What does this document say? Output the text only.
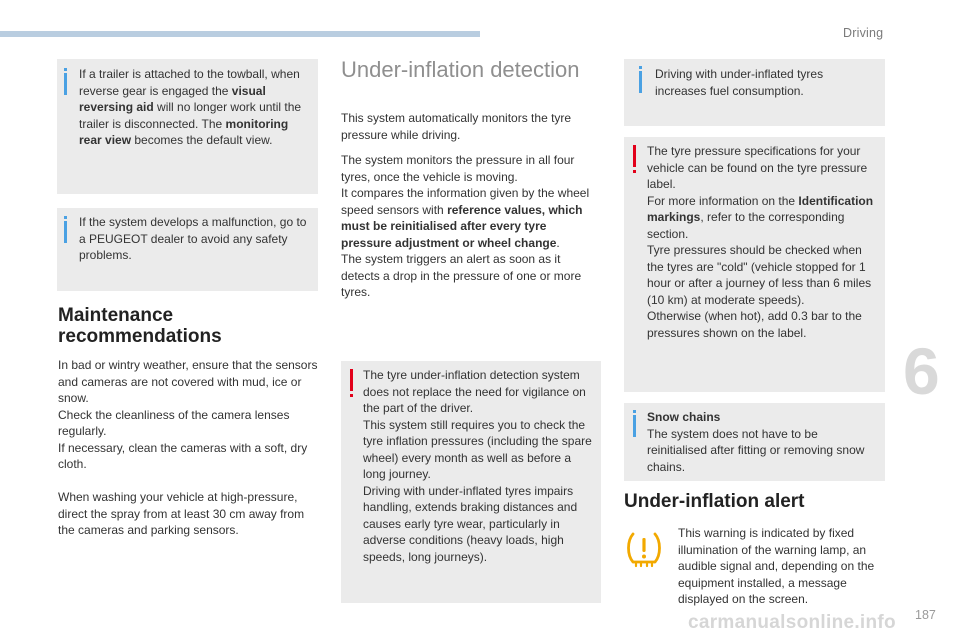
Driving
6
187
carmanualsonline.info

If a trailer is attached to the towball, when reverse gear is engaged the visual reversing aid will no longer work until the trailer is disconnected. The monitoring rear view becomes the default view.

If the system develops a malfunction, go to a PEUGEOT dealer to avoid any safety problems.

Maintenance recommendations

In bad or wintry weather, ensure that the sensors and cameras are not covered with mud, ice or snow.

Check the cleanliness of the camera lenses regularly.

If necessary, clean the cameras with a soft, dry cloth.

When washing your vehicle at high-pressure, direct the spray from at least 30 cm away from the cameras and parking sensors.
Under-inflation detection
This system automatically monitors the tyre pressure while driving.

The system monitors the pressure in all four tyres, once the vehicle is moving.

It compares the information given by the wheel speed sensors with reference values, which must be reinitialised after every tyre pressure adjustment or wheel change.

The system triggers an alert as soon as it detects a drop in the pressure of one or more tyres.

The tyre under-inflation detection system does not replace the need for vigilance on the part of the driver.

This system still requires you to check the tyre inflation pressures (including the spare wheel) every month as well as before a long journey.

Driving with under-inflated tyres impairs handling, extends braking distances and causes early tyre wear, particularly in adverse conditions (heavy loads, high speeds, long journeys).

Driving with under-inflated tyres increases fuel consumption.

The tyre pressure specifications for your vehicle can be found on the tyre pressure label.

For more information on the Identification markings, refer to the corresponding section.

Tyre pressures should be checked when the tyres are "cold" (vehicle stopped for 1 hour or after a journey of less than 6 miles (10 km) at moderate speeds).

Otherwise (when hot), add 0.3 bar to the pressures shown on the label.

Snow chains

The system does not have to be reinitialised after fitting or removing snow chains.

Under-inflation alert
This warning is indicated by fixed illumination of the warning lamp, an audible signal and, depending on the equipment installed, a message displayed on the screen.
